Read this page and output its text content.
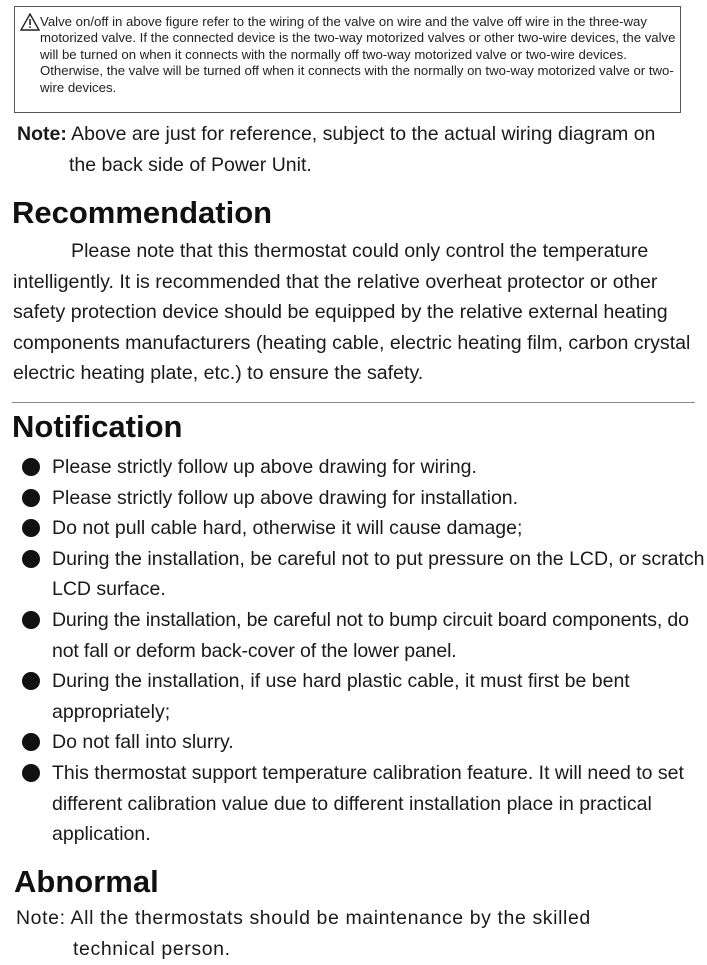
Valve on/off in above figure refer to the wiring of the valve on wire and the valve off wire in the three-way motorized valve. If the connected device is the two-way motorized valves or other two-wire devices, the valve will be turned on when it connects with the normally off two-way motorized valve or two-wire devices. Otherwise, the valve will be turned off when it connects with the normally on two-way motorized valve or two-wire devices.

Note: Above are just for reference, subject to the actual wiring diagram on
the back side of Power Unit.
Recommendation

Please note that this thermostat could only control the temperature intelligently. It is recommended that the relative overheat protector or other safety protection device should be equipped by the relative external heating components manufacturers (heating cable, electric heating film, carbon crystal electric heating plate, etc.) to ensure the safety.

Notification
Please strictly follow up above drawing for wiring.
Please strictly follow up above drawing for installation.
Do not pull cable hard, otherwise it will cause damage;
During the installation, be careful not to put pressure on the LCD, or scratch LCD surface.
During the installation, be careful not to bump circuit board components, do not fall or deform back-cover of the lower panel.
During the installation, if use hard plastic cable, it must first be bent appropriately;
Do not fall into slurry.
This thermostat support temperature calibration feature. It will need to set different calibration value due to different installation place in practical application.
Abnormal
Note: All the thermostats should be maintenance by the skilled
technical person.
